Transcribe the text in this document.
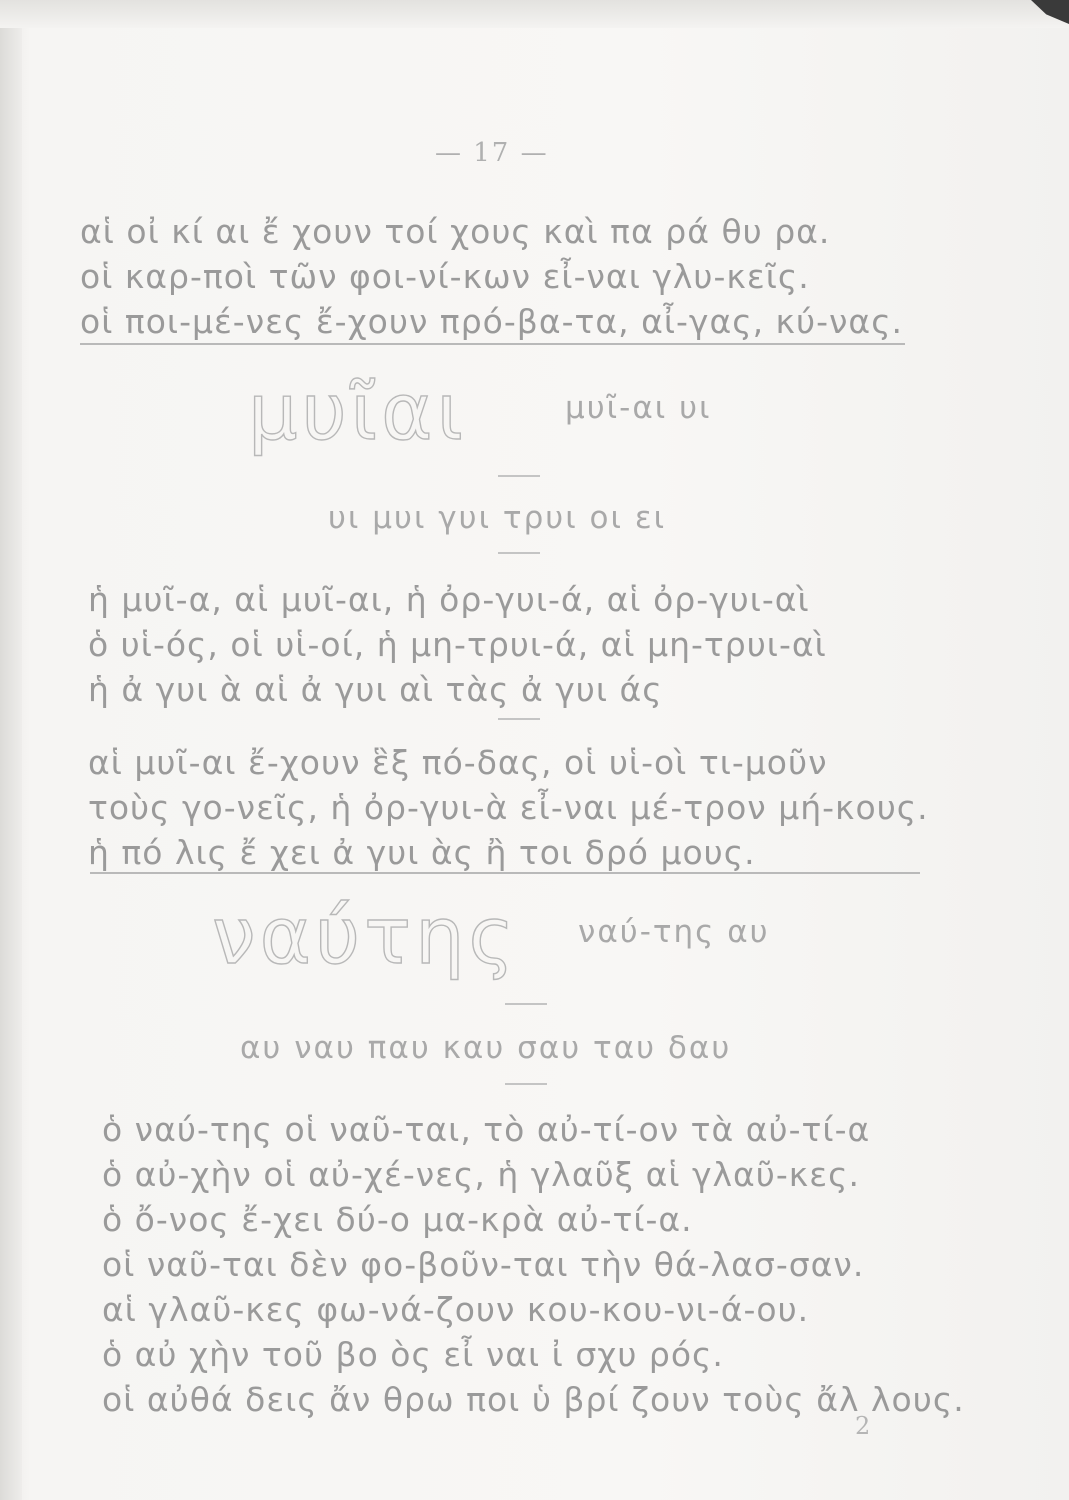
— 17 —
αἱ οἰ κί αι ἔ χουν τοί χους καὶ πα ρά θυ ρα.
οἱ καρ-ποὶ τῶν φοι-νί-κων εἶ-ναι γλυ-κεῖς.
οἱ ποι-μέ-νες ἔ-χουν πρό-βα-τα, αἶ-γας, κύ-νας.
μυῖαι	μυῖ-αι υι
υι μυι γυι τρυι οι ει
ἡ μυῖ-α, αἱ μυῖ-αι, ἡ ὀρ-γυι-ά, αἱ ὀρ-γυι-αὶ
ὁ υἱ-ός, οἱ υἱ-οί, ἡ μη-τρυι-ά, αἱ μη-τρυι-αὶ
ἡ ἀ γυι ὰ αἱ ἀ γυι αὶ τὰς ἀ γυι άς
αἱ μυῖ-αι ἔ-χουν ἓξ πό-δας, οἱ υἱ-οὶ τι-μοῦν
τοὺς γο-νεῖς, ἡ ὀρ-γυι-ὰ εἶ-ναι μέ-τρον μή-κους.
ἡ πό λις ἔ χει ἀ γυι ὰς ἢ τοι δρό μους.
ναύτης ναύ-της αυ
αυ ναυ παυ καυ σαυ ταυ δαυ
ὁ ναύ-της οἱ ναῦ-ται, τὸ αὐ-τί-ον τὰ αὐ-τί-α
ὁ αὐ-χὴν οἱ αὐ-χέ-νες, ἡ γλαῦξ αἱ γλαῦ-κες.
ὁ ὄ-νος ἔ-χει δύ-ο μα-κρὰ αὐ-τί-α.
οἱ ναῦ-ται δὲν φο-βοῦν-ται τὴν θά-λασ-σαν.
αἱ γλαῦ-κες φω-νά-ζουν κου-κου-νι-ά-ου.
ὁ αὐ χὴν τοῦ βο ὸς εἶ ναι ἰ σχυ ρός.
οἱ αὐθά δεις ἄν θρω ποι ὑ βρί ζουν τοὺς ἄλ λους.
2
